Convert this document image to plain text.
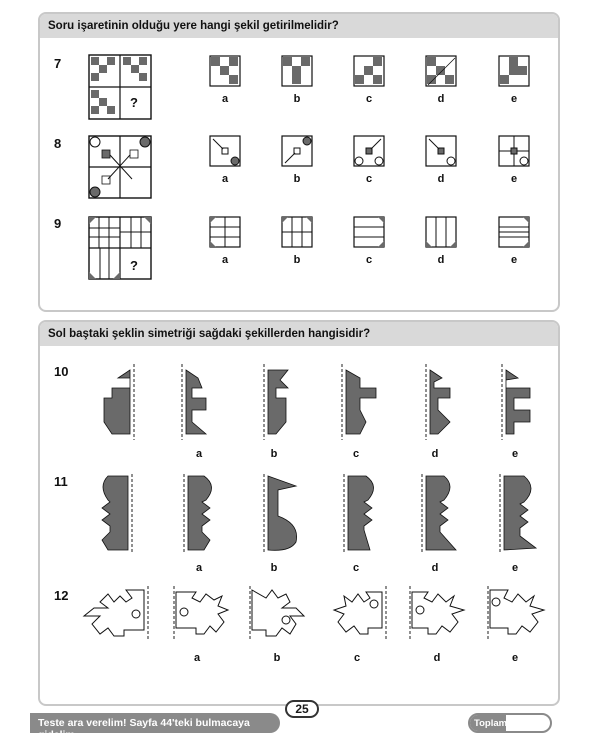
Soru işaretinin olduğu yere hangi şekil getirilmelidir?
7
?	a	b	c	d	e
8
a	b	c	d	e
9
?	a	b	c	d	e
Sol baştaki şeklin simetriği sağdaki şekillerden hangisidir?
10
a	b	c	d	e
11
a	b	c	d	e
12
a	b	c	d	e
Teste ara verelim! Sayfa 44'teki bulmacaya gidelim.
25
Toplam
